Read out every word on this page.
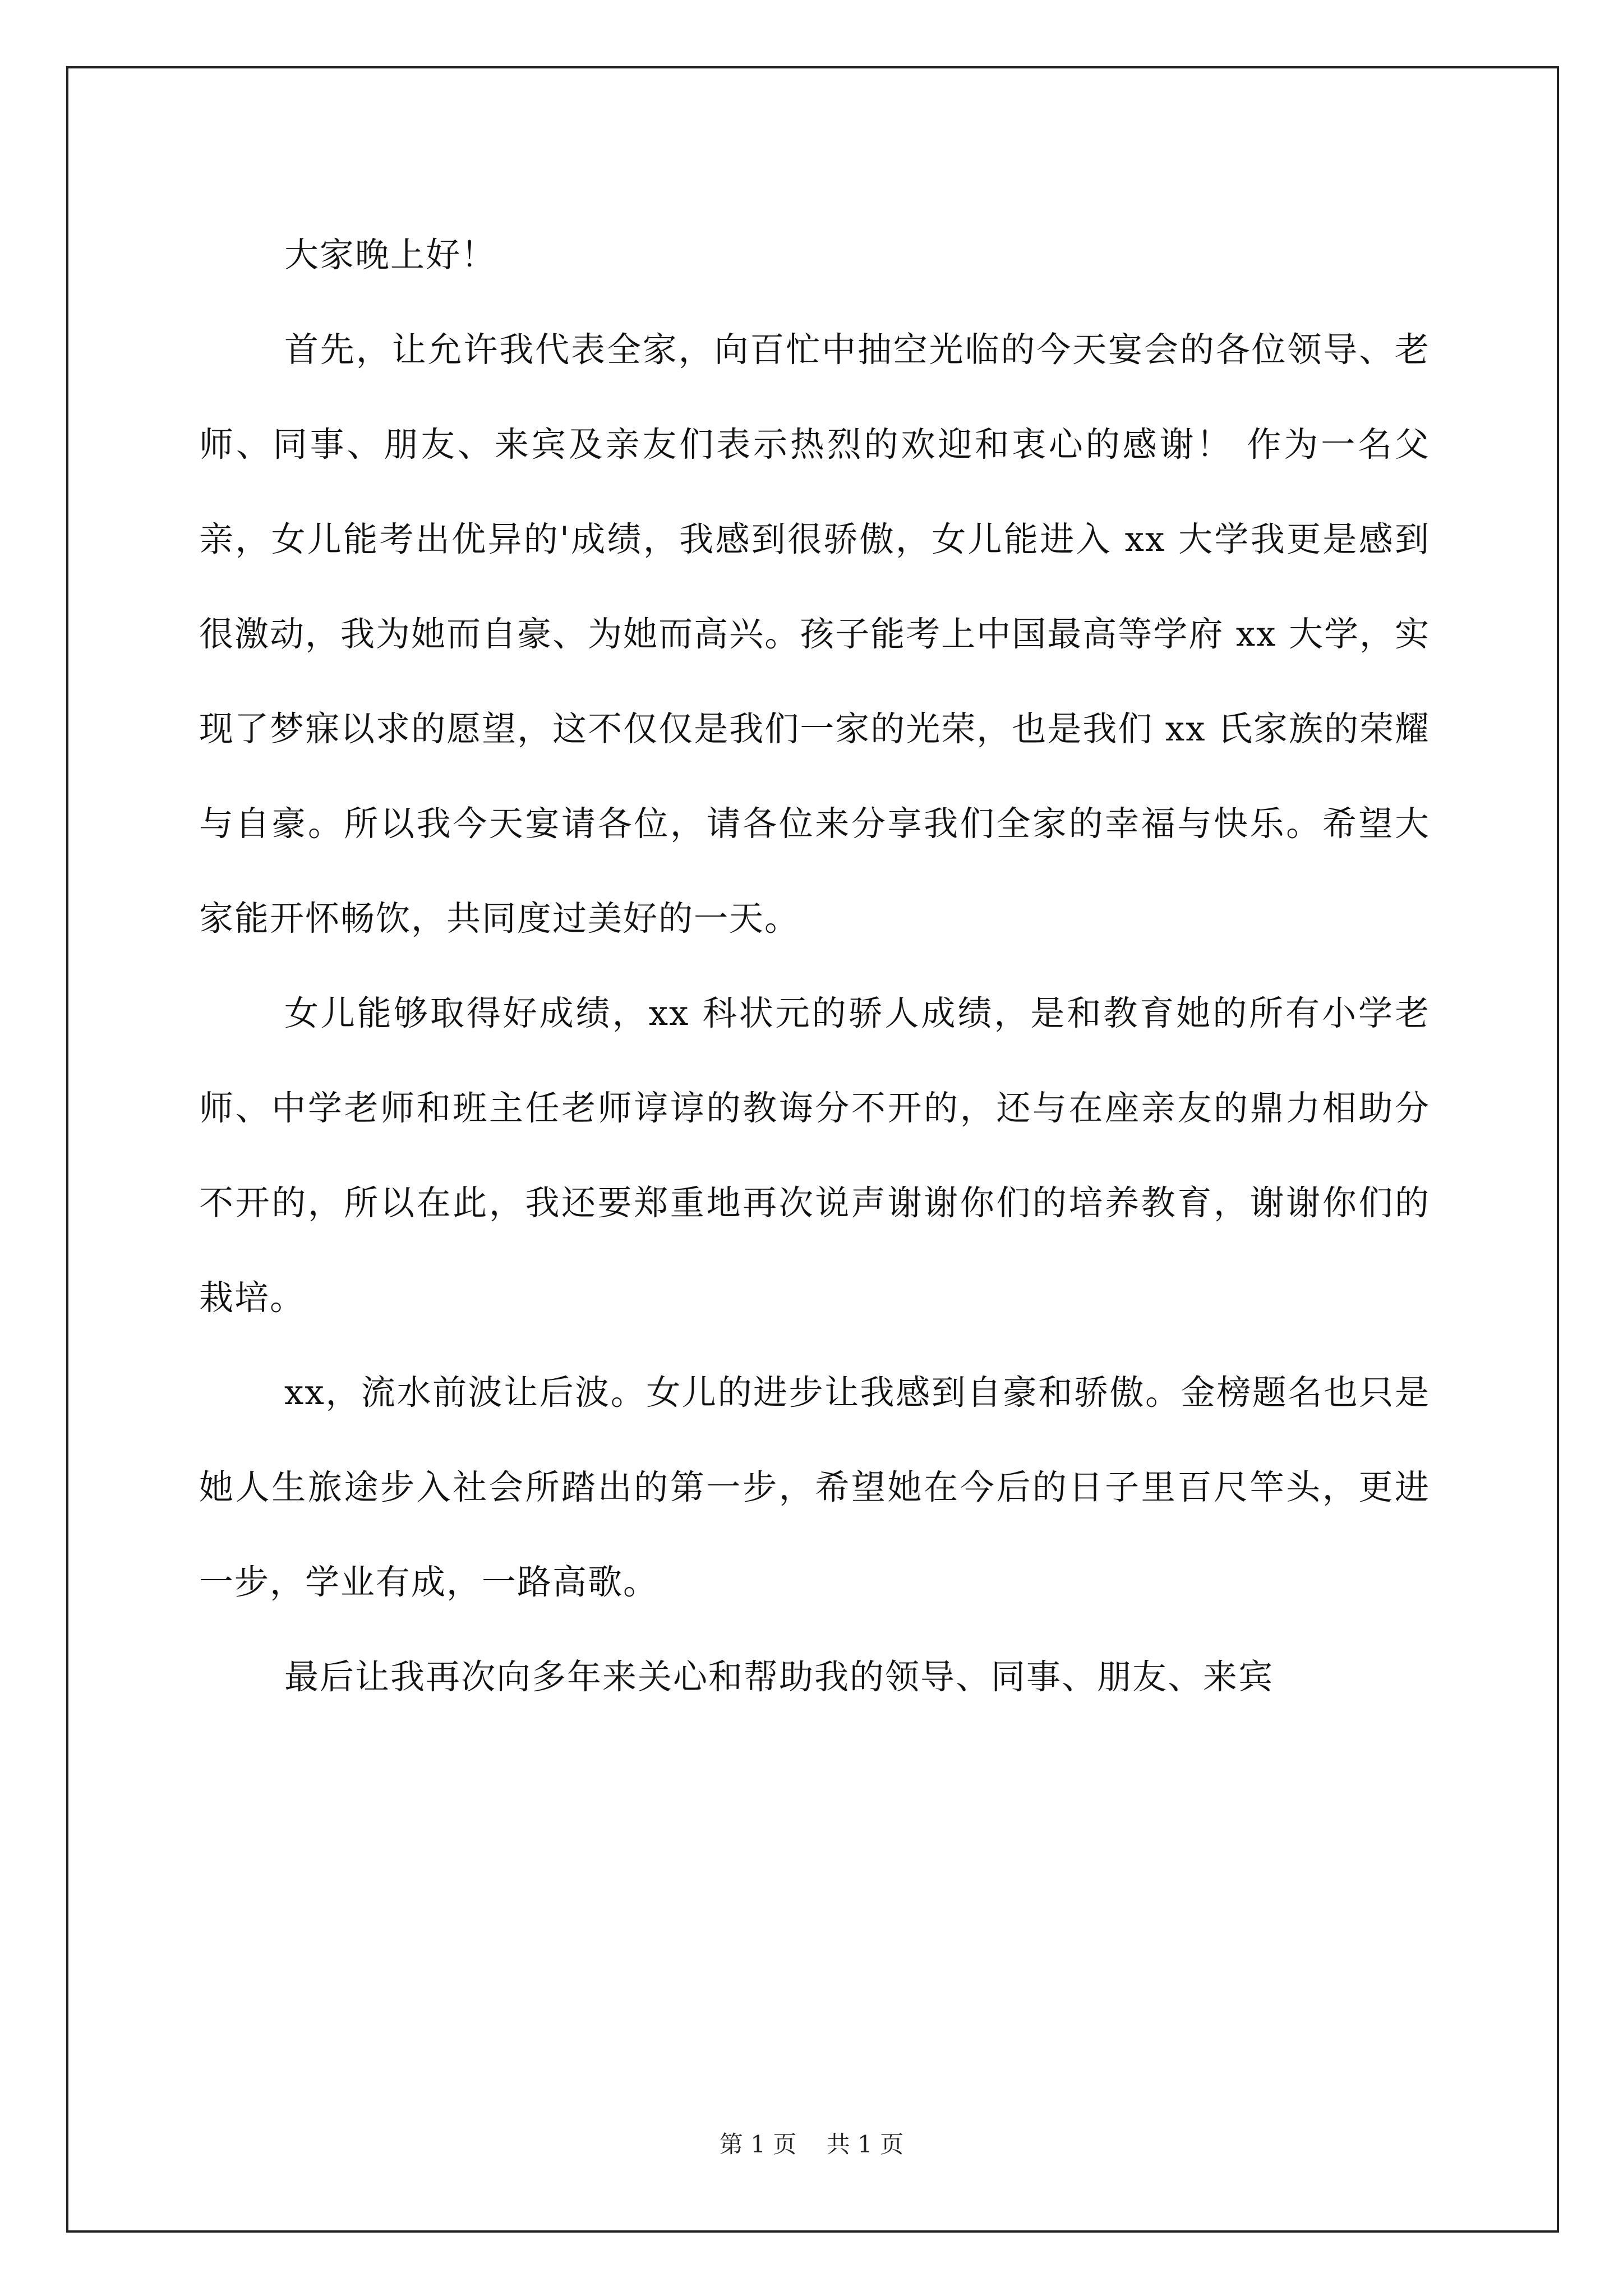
大家晚上好！

首先，让允许我代表全家，向百忙中抽空光临的今天宴会的各位领导、老师、同事、朋友、来宾及亲友们表示热烈的欢迎和衷心的感谢！ 作为一名父亲，女儿能考出优异的'成绩，我感到很骄傲，女儿能进入 xx 大学我更是感到很激动，我为她而自豪、为她而高兴。孩子能考上中国最高等学府 xx 大学，实现了梦寐以求的愿望，这不仅仅是我们一家的光荣，也是我们 xx 氏家族的荣耀与自豪。所以我今天宴请各位，请各位来分享我们全家的幸福与快乐。希望大家能开怀畅饮，共同度过美好的一天。

女儿能够取得好成绩，xx 科状元的骄人成绩，是和教育她的所有小学老师、中学老师和班主任老师谆谆的教诲分不开的，还与在座亲友的鼎力相助分不开的，所以在此，我还要郑重地再次说声谢谢你们的培养教育，谢谢你们的栽培。

xx，流水前波让后波。女儿的进步让我感到自豪和骄傲。金榜题名也只是她人生旅途步入社会所踏出的第一步，希望她在今后的日子里百尺竿头，更进一步，学业有成，一路高歌。

最后让我再次向多年来关心和帮助我的领导、同事、朋友、来宾

第 1 页    共 1 页
